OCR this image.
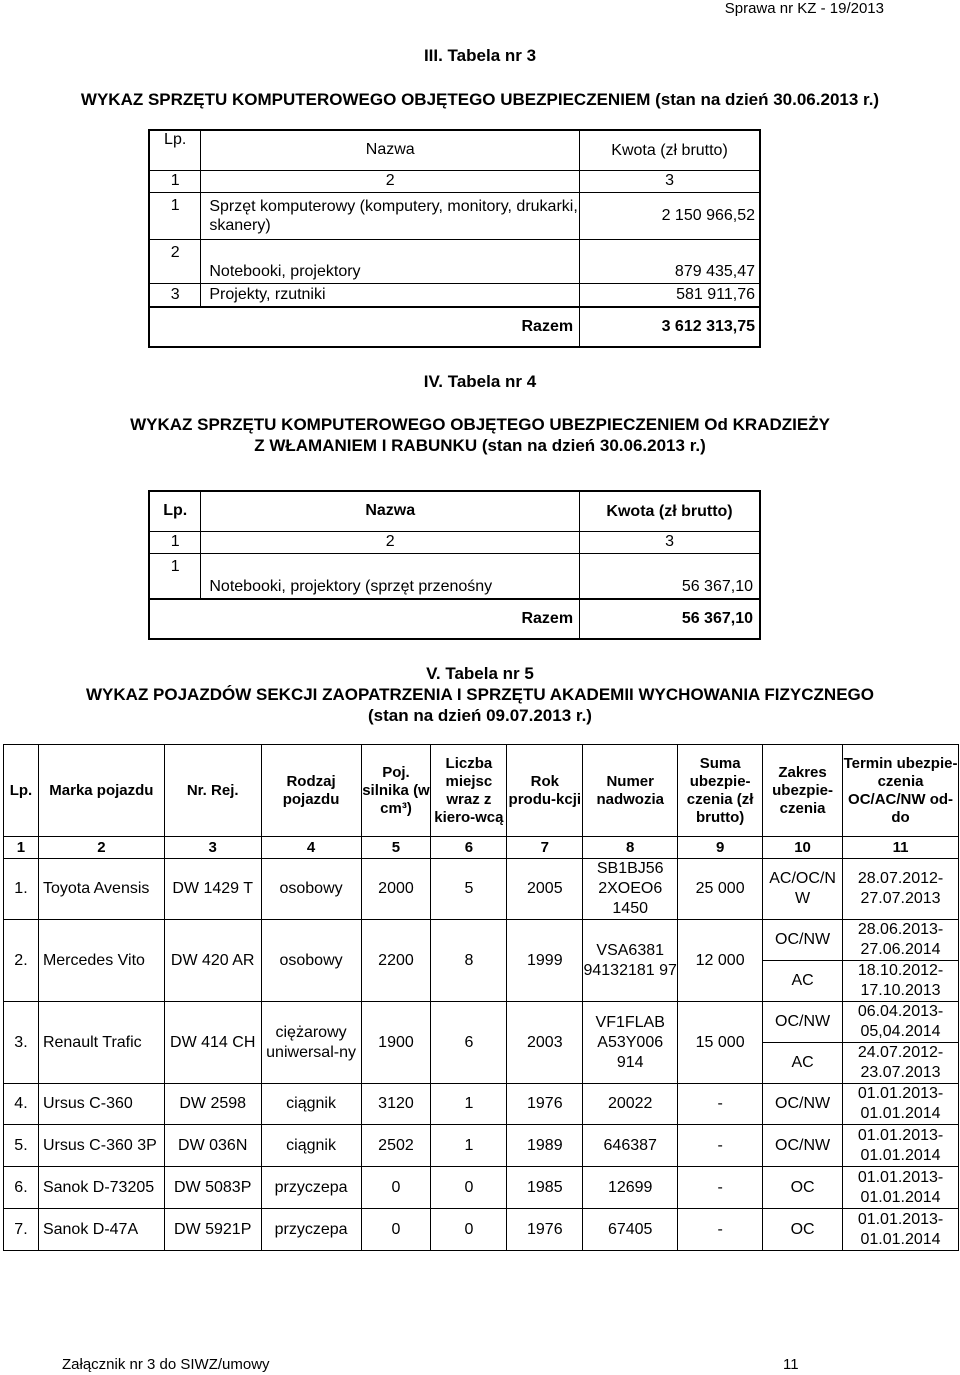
Sprawa nr KZ - 19/2013
III. Tabela nr 3
WYKAZ SPRZĘTU KOMPUTEROWEGO OBJĘTEGO UBEZPIECZENIEM (stan na dzień 30.06.2013 r.)
Lp.	Nazwa	Kwota (zł brutto)
1	2	3
1	Sprzęt komputerowy (komputery, monitory, drukarki, skanery)	2 150 966,52
2	Notebooki, projektory	879 435,47
3	Projekty, rzutniki	581 911,76
Razem		3 612 313,75
IV. Tabela nr 4
WYKAZ SPRZĘTU KOMPUTEROWEGO OBJĘTEGO UBEZPIECZENIEM Od KRADZIEŻY
Z WŁAMANIEM I RABUNKU (stan na dzień 30.06.2013 r.)
Lp.	Nazwa	Kwota (zł brutto)
1	2	3
1	Notebooki, projektory (sprzęt przenośny	56 367,10
Razem		56 367,10
V. Tabela nr 5
WYKAZ POJAZDÓW SEKCJI ZAOPATRZENIA I SPRZĘTU AKADEMII WYCHOWANIA FIZYCZNEGO
(stan na dzień 09.07.2013 r.)
Lp.	Marka pojazdu	Nr. Rej.	Rodzaj pojazdu	Poj. silnika (w cm³)	Liczba miejsc wraz z kiero-wcą	Rok produ-kcji	Numer nadwozia	Suma ubezpie-czenia (zł brutto)	Zakres ubezpie-czenia	Termin ubezpie-czenia OC/AC/NW od- do
1	2	3	4	5	6	7	8	9	10	11
1.	Toyota Avensis	DW 1429 T	osobowy	2000	5	2005	SB1BJ56 2XOEO6 1450	25 000	AC/OC/N W	28.07.2012- 27.07.2013
2.	Mercedes Vito	DW 420 AR	osobowy	2200	8	1999	VSA6381 94132181 97	12 000	OC/NW	28.06.2013- 27.06.2014
									AC	18.10.2012- 17.10.2013
3.	Renault Trafic	DW 414 CH	ciężarowy uniwersal-ny	1900	6	2003	VF1FLAB A53Y006 914	15 000	OC/NW	06.04.2013- 05,04.2014
									AC	24.07.2012- 23.07.2013
4.	Ursus C-360	DW 2598	ciągnik	3120	1	1976	20022	-	OC/NW	01.01.2013- 01.01.2014
5.	Ursus C-360 3P	DW 036N	ciągnik	2502	1	1989	646387	-	OC/NW	01.01.2013- 01.01.2014
6.	Sanok D-73205	DW 5083P	przyczepa	0	0	1985	12699	-	OC	01.01.2013- 01.01.2014
7.	Sanok D-47A	DW 5921P	przyczepa	0	0	1976	67405	-	OC	01.01.2013- 01.01.2014
Załącznik nr 3 do SIWZ/umowy	11
